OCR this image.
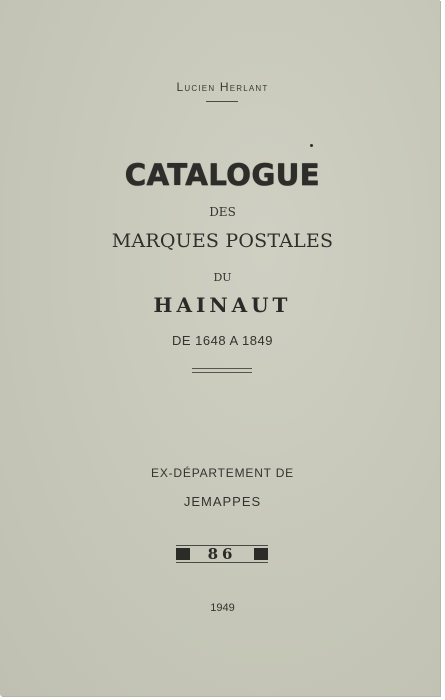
Lucien Herlant
CATALOGUE
DES
MARQUES POSTALES
DU
HAINAUT
DE 1648 A 1849
EX-DÉPARTEMENT DE
JEMAPPES
86
1949
